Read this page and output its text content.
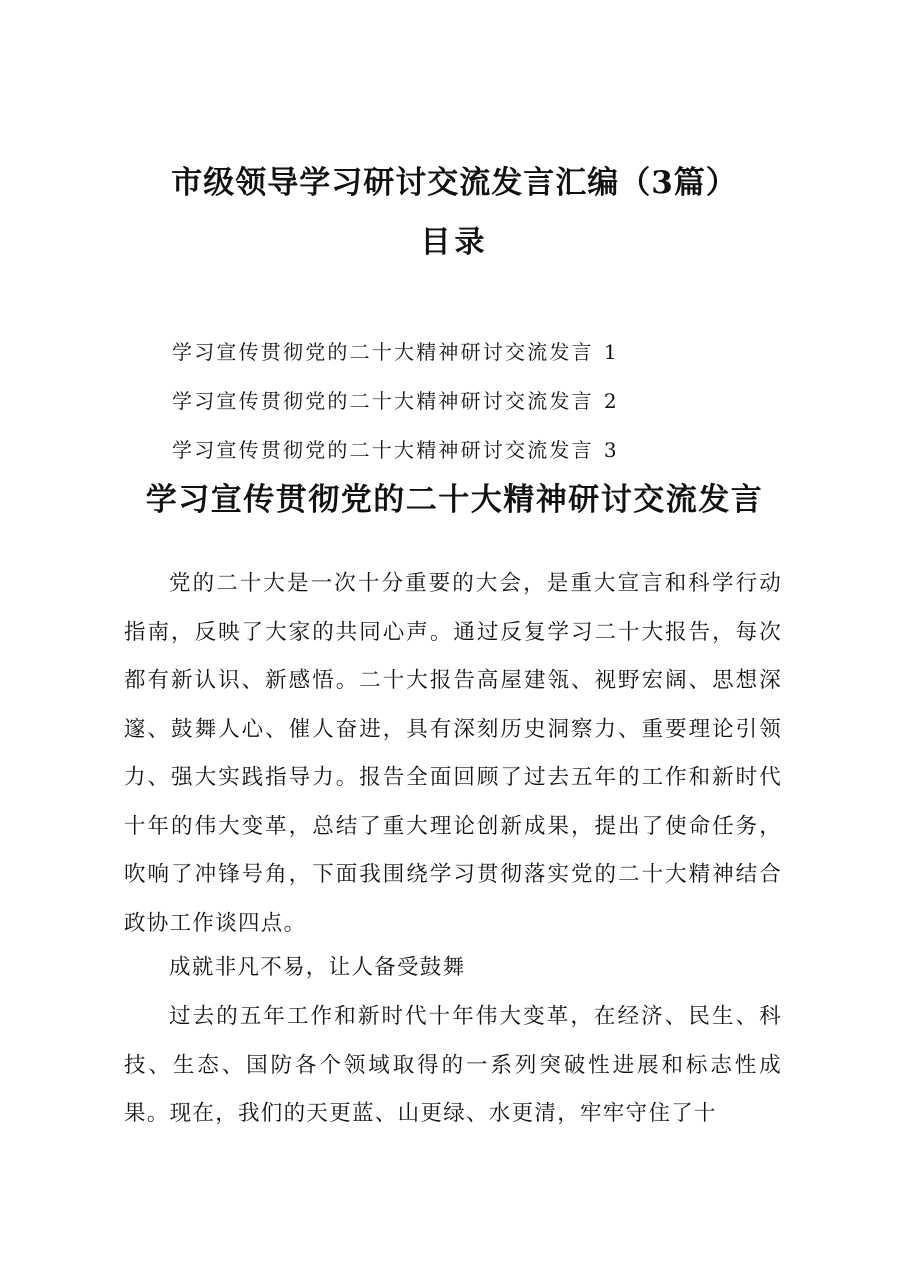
市级领导学习研讨交流发言汇编（3篇）
目录
学习宣传贯彻党的二十大精神研讨交流发言 1
学习宣传贯彻党的二十大精神研讨交流发言 2
学习宣传贯彻党的二十大精神研讨交流发言 3
学习宣传贯彻党的二十大精神研讨交流发言

党的二十大是一次十分重要的大会，是重大宣言和科学行动指南，反映了大家的共同心声。通过反复学习二十大报告，每次都有新认识、新感悟。二十大报告高屋建瓴、视野宏阔、思想深邃、鼓舞人心、催人奋进，具有深刻历史洞察力、重要理论引领力、强大实践指导力。报告全面回顾了过去五年的工作和新时代十年的伟大变革，总结了重大理论创新成果，提出了使命任务，吹响了冲锋号角，下面我围绕学习贯彻落实党的二十大精神结合政协工作谈四点。

成就非凡不易，让人备受鼓舞

过去的五年工作和新时代十年伟大变革，在经济、民生、科技、生态、国防各个领域取得的一系列突破性进展和标志性成果。现在，我们的天更蓝、山更绿、水更清，牢牢守住了十
